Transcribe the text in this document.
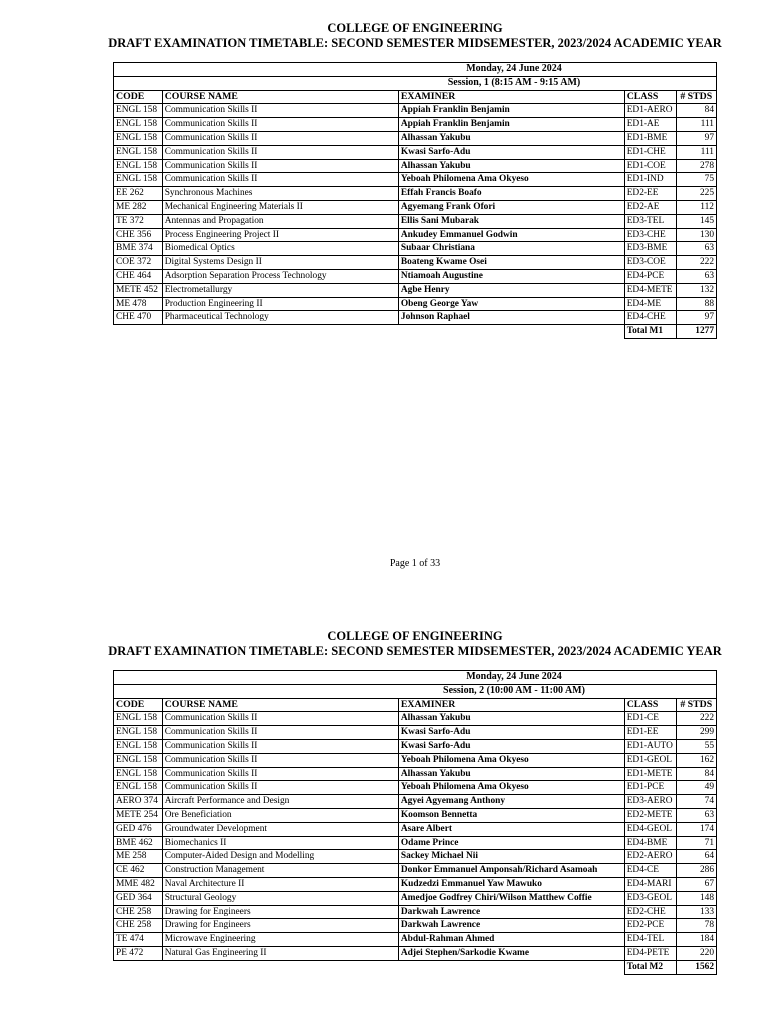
COLLEGE OF ENGINEERING
DRAFT EXAMINATION TIMETABLE: SECOND SEMESTER MIDSEMESTER, 2023/2024 ACADEMIC YEAR
Monday, 24 June 2024				
Session, 1 (8:15 AM - 9:15 AM)				
CODE	COURSE NAME	EXAMINER	CLASS	# STDS
ENGL 158	Communication Skills II	Appiah Franklin Benjamin	ED1-AERO	84
ENGL 158	Communication Skills II	Appiah Franklin Benjamin	ED1-AE	111
ENGL 158	Communication Skills II	Alhassan Yakubu	ED1-BME	97
ENGL 158	Communication Skills II	Kwasi Sarfo-Adu	ED1-CHE	111
ENGL 158	Communication Skills II	Alhassan Yakubu	ED1-COE	278
ENGL 158	Communication Skills II	Yeboah Philomena Ama Okyeso	ED1-IND	75
EE 262	Synchronous Machines	Effah Francis Boafo	ED2-EE	225
ME 282	Mechanical Engineering Materials II	Agyemang Frank Ofori	ED2-AE	112
TE 372	Antennas and Propagation	Ellis Sani Mubarak	ED3-TEL	145
CHE 356	Process Engineering Project II	Ankudey Emmanuel Godwin	ED3-CHE	130
BME 374	Biomedical Optics	Subaar Christiana	ED3-BME	63
COE 372	Digital Systems Design II	Boateng Kwame Osei	ED3-COE	222
CHE 464	Adsorption Separation Process Technology	Ntiamoah Augustine	ED4-PCE	63
METE 452	Electrometallurgy	Agbe Henry	ED4-METE	132
ME 478	Production Engineering II	Obeng George Yaw	ED4-ME	88
CHE 470	Pharmaceutical Technology	Johnson Raphael	ED4-CHE	97
			Total M1	1277
Page 1 of 33
COLLEGE OF ENGINEERING
DRAFT EXAMINATION TIMETABLE: SECOND SEMESTER MIDSEMESTER, 2023/2024 ACADEMIC YEAR
Monday, 24 June 2024				
Session, 2 (10:00 AM - 11:00 AM)				
CODE	COURSE NAME	EXAMINER	CLASS	# STDS
ENGL 158	Communication Skills II	Alhassan Yakubu	ED1-CE	222
ENGL 158	Communication Skills II	Kwasi Sarfo-Adu	ED1-EE	299
ENGL 158	Communication Skills II	Kwasi Sarfo-Adu	ED1-AUTO	55
ENGL 158	Communication Skills II	Yeboah Philomena Ama Okyeso	ED1-GEOL	162
ENGL 158	Communication Skills II	Alhassan Yakubu	ED1-METE	84
ENGL 158	Communication Skills II	Yeboah Philomena Ama Okyeso	ED1-PCE	49
AERO 374	Aircraft Performance and Design	Agyei Agyemang Anthony	ED3-AERO	74
METE 254	Ore Beneficiation	Koomson Bennetta	ED2-METE	63
GED 476	Groundwater Development	Asare Albert	ED4-GEOL	174
BME 462	Biomechanics II	Odame Prince	ED4-BME	71
ME 258	Computer-Aided Design and Modelling	Sackey Michael Nii	ED2-AERO	64
CE 462	Construction Management	Donkor Emmanuel Amponsah/Richard Asamoah	ED4-CE	286
MME 482	Naval Architecture II	Kudzedzi Emmanuel Yaw Mawuko	ED4-MARI	67
GED 364	Structural Geology	Amedjoe Godfrey Chiri/Wilson Matthew Coffie	ED3-GEOL	148
CHE 258	Drawing for Engineers	Darkwah Lawrence	ED2-CHE	133
CHE 258	Drawing for Engineers	Darkwah Lawrence	ED2-PCE	78
TE 474	Microwave Engineering	Abdul-Rahman Ahmed	ED4-TEL	184
PE 472	Natural Gas Engineering II	Adjei Stephen/Sarkodie Kwame	ED4-PETE	220
			Total M2	1562
